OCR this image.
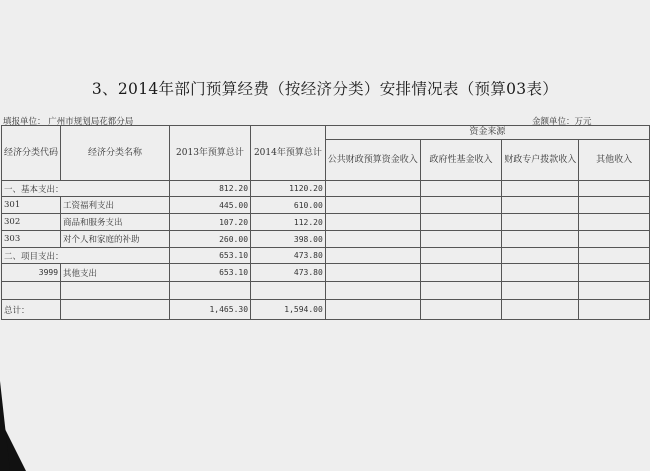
3、2014年部门预算经费（按经济分类）安排情况表（预算03表）
填报单位： 广州市规划局花都分局	金额单位：万元
经济分类代码	经济分类名称	2013年预算总计	2014年预算总计	资金来源			
				公共财政预算资金收入	政府性基金收入	财政专户拨款收入	其他收入
一、基本支出：		812.20	1120.20				
301	工资福利支出	445.00	610.00				
302	商品和服务支出	107.20	112.20				
303	对个人和家庭的补助	260.00	398.00				
二、项目支出：		653.10	473.80				
3999	其他支出	653.10	473.80				

总计：		1,465.30	1,594.00				
